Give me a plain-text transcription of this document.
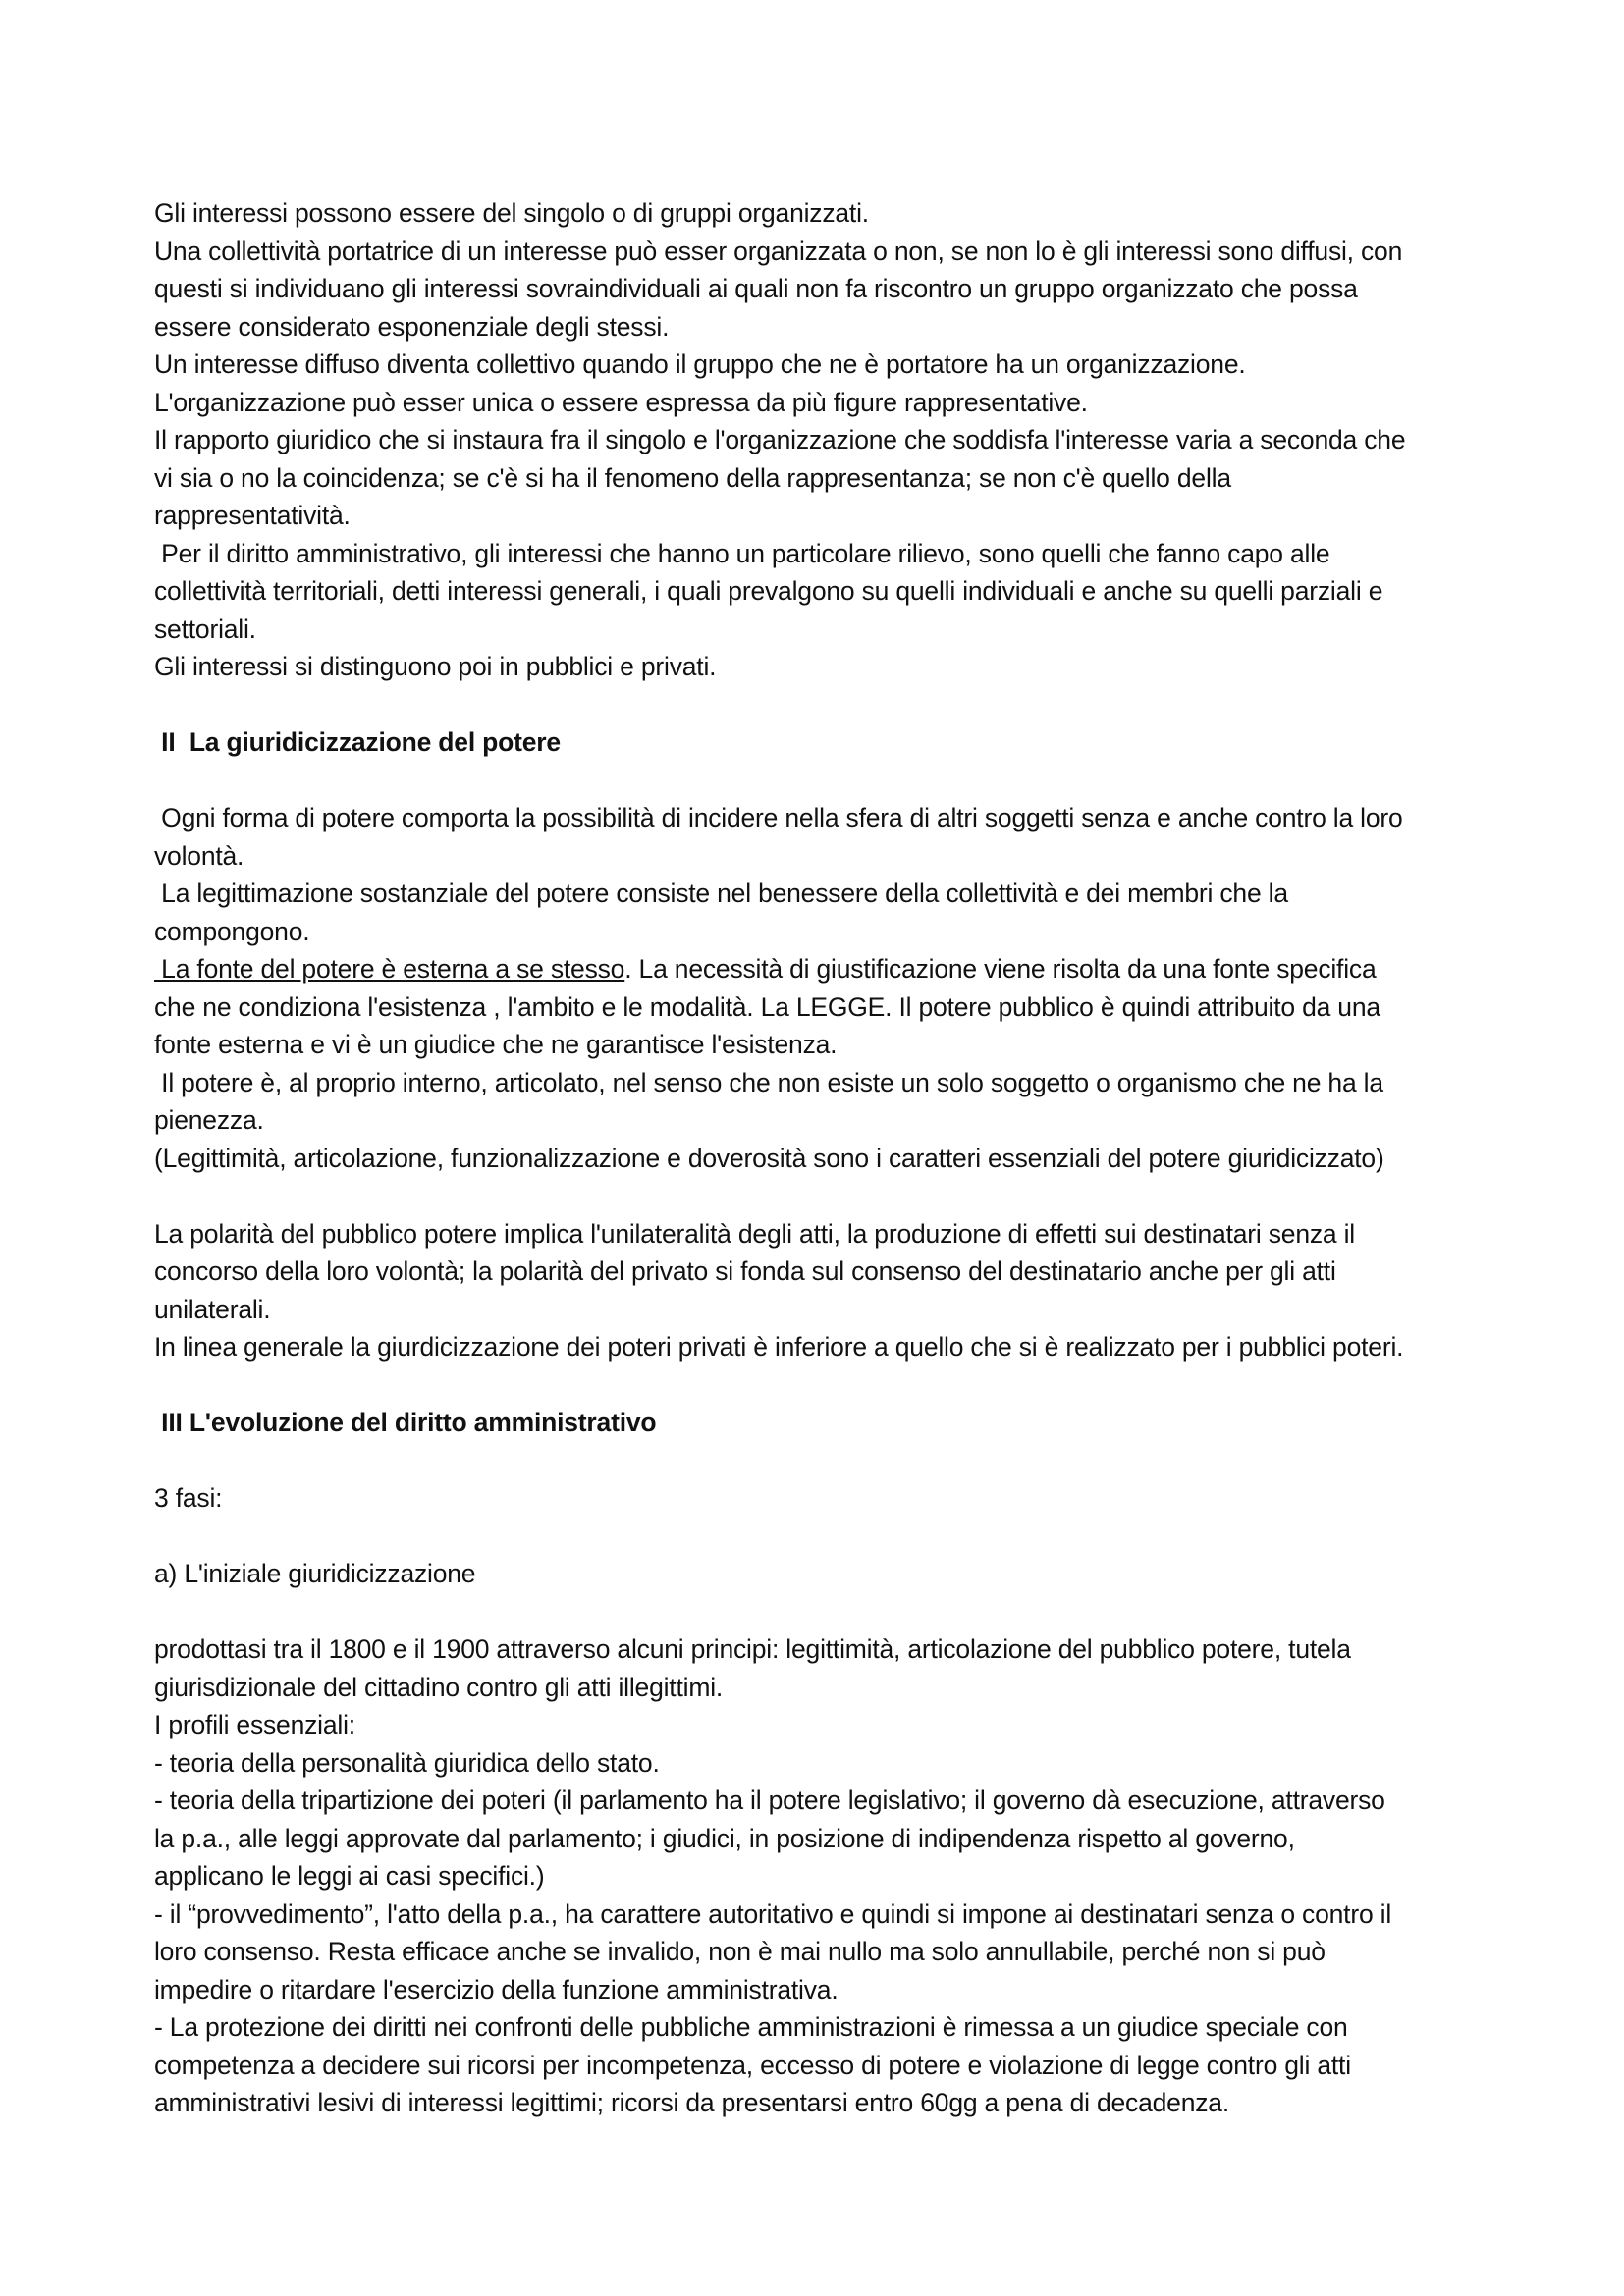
Gli interessi possono essere del singolo o di gruppi organizzati.
Una collettività portatrice di un interesse può esser organizzata o non, se non lo è gli interessi sono diffusi, con
questi si individuano gli interessi sovraindividuali ai quali non fa riscontro un gruppo organizzato che possa
essere considerato esponenziale degli stessi.
Un interesse diffuso diventa collettivo quando il gruppo che ne è portatore ha un organizzazione.
L'organizzazione può esser unica o essere espressa da più figure rappresentative.
Il rapporto giuridico che si instaura fra il singolo e l'organizzazione che soddisfa l'interesse varia a seconda che
vi sia o no la coincidenza; se c'è si ha il fenomeno della rappresentanza; se non c'è quello della
rappresentatività.
Per il diritto amministrativo, gli interessi che hanno un particolare rilievo, sono quelli che fanno capo alle
collettività territoriali, detti interessi generali, i quali prevalgono su quelli individuali e anche su quelli parziali e
settoriali.
Gli interessi si distinguono poi in pubblici e privati.
II  La giuridicizzazione del potere
Ogni forma di potere comporta la possibilità di incidere nella sfera di altri soggetti senza e anche contro la loro
volontà.
La legittimazione sostanziale del potere consiste nel benessere della collettività e dei membri che la
compongono.
La fonte del potere è esterna a se stesso. La necessità di giustificazione viene risolta da una fonte specifica
che ne condiziona l'esistenza , l'ambito e le modalità. La LEGGE. Il potere pubblico è quindi attribuito da una
fonte esterna e vi è un giudice che ne garantisce l'esistenza.
Il potere è, al proprio interno, articolato, nel senso che non esiste un solo soggetto o organismo che ne ha la
pienezza.
(Legittimità, articolazione, funzionalizzazione e doverosità sono i caratteri essenziali del potere giuridicizzato)
La polarità del pubblico potere implica l'unilateralità degli atti, la produzione di effetti sui destinatari senza il
concorso della loro volontà; la polarità del privato si fonda sul consenso del destinatario anche per gli atti
unilaterali.
In linea generale la giurdicizzazione dei poteri privati è inferiore a quello che si è realizzato per i pubblici poteri.
III L'evoluzione del diritto amministrativo
3 fasi:
a) L'iniziale giuridicizzazione
prodottasi tra il 1800 e il 1900 attraverso alcuni principi: legittimità, articolazione del pubblico potere, tutela
giurisdizionale del cittadino contro gli atti illegittimi.
I profili essenziali:
- teoria della personalità giuridica dello stato.
- teoria della tripartizione dei poteri (il parlamento ha il potere legislativo; il governo dà esecuzione, attraverso
la p.a., alle leggi approvate dal parlamento; i giudici, in posizione di indipendenza rispetto al governo,
applicano le leggi ai casi specifici.)
- il “provvedimento”, l'atto della p.a., ha carattere autoritativo e quindi si impone ai destinatari senza o contro il
loro consenso. Resta efficace anche se invalido, non è mai nullo ma solo annullabile, perché non si può
impedire o ritardare l'esercizio della funzione amministrativa.
- La protezione dei diritti nei confronti delle pubbliche amministrazioni è rimessa a un giudice speciale con
competenza a decidere sui ricorsi per incompetenza, eccesso di potere e violazione di legge contro gli atti
amministrativi lesivi di interessi legittimi; ricorsi da presentarsi entro 60gg a pena di decadenza.
